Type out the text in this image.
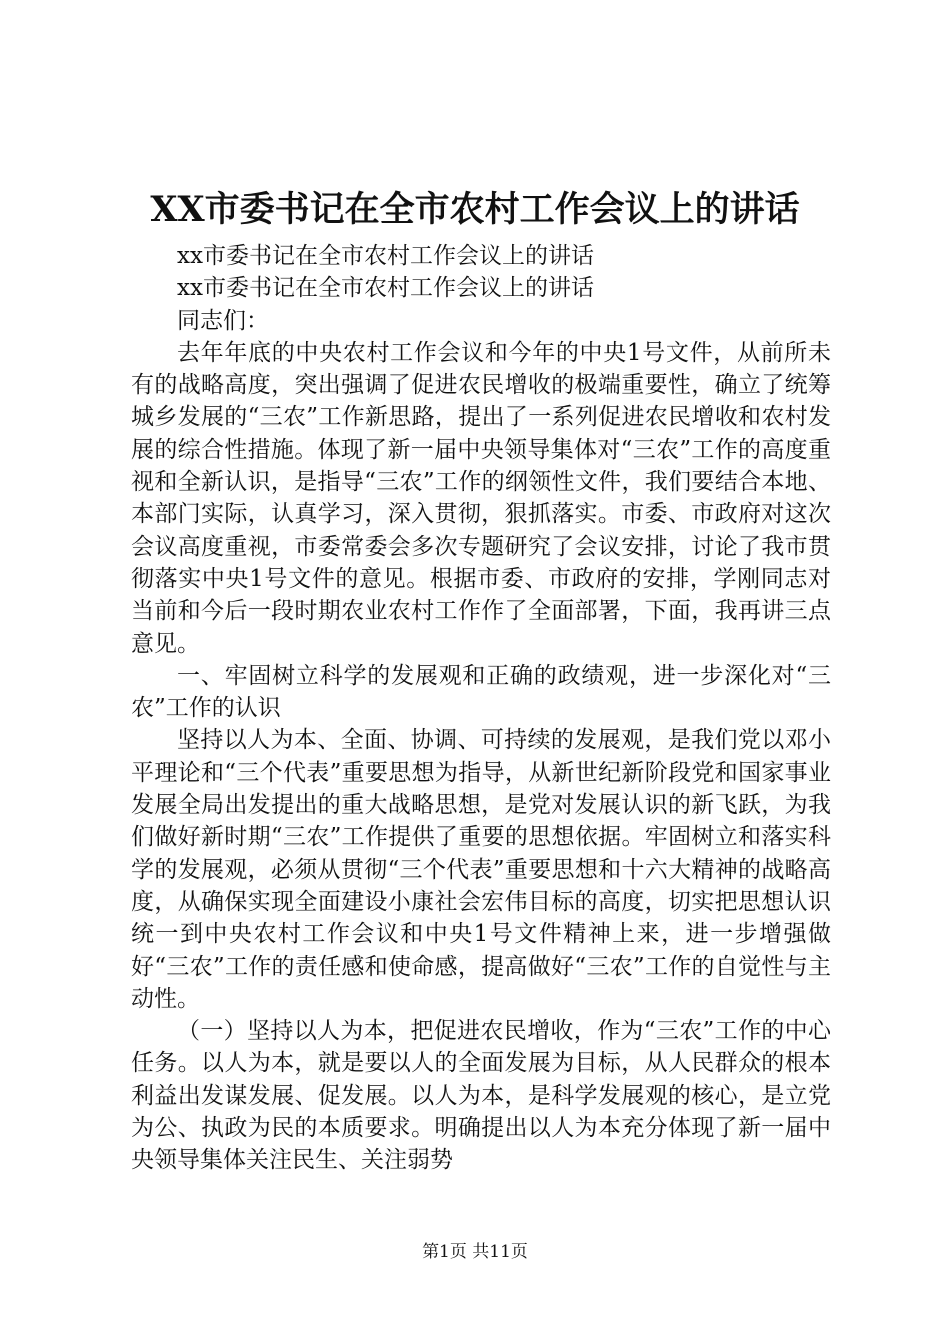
XX市委书记在全市农村工作会议上的讲话
xx市委书记在全市农村工作会议上的讲话
xx市委书记在全市农村工作会议上的讲话
同志们：

去年年底的中央农村工作会议和今年的中央1号文件，从前所未有的战略高度，突出强调了促进农民增收的极端重要性，确立了统筹城乡发展的“三农”工作新思路，提出了一系列促进农民增收和农村发展的综合性措施。体现了新一届中央领导集体对“三农”工作的高度重视和全新认识，是指导“三农”工作的纲领性文件，我们要结合本地、本部门实际，认真学习，深入贯彻，狠抓落实。市委、市政府对这次会议高度重视，市委常委会多次专题研究了会议安排，讨论了我市贯彻落实中央1号文件的意见。根据市委、市政府的安排，学刚同志对当前和今后一段时期农业农村工作作了全面部署，下面，我再讲三点意见。

一、牢固树立科学的发展观和正确的政绩观，进一步深化对“三农”工作的认识

坚持以人为本、全面、协调、可持续的发展观，是我们党以邓小平理论和“三个代表”重要思想为指导，从新世纪新阶段党和国家事业发展全局出发提出的重大战略思想，是党对发展认识的新飞跃，为我们做好新时期“三农”工作提供了重要的思想依据。牢固树立和落实科学的发展观，必须从贯彻“三个代表”重要思想和十六大精神的战略高度，从确保实现全面建设小康社会宏伟目标的高度，切实把思想认识统一到中央农村工作会议和中央1号文件精神上来，进一步增强做好“三农”工作的责任感和使命感，提高做好“三农”工作的自觉性与主动性。

（一）坚持以人为本，把促进农民增收，作为“三农”工作的中心任务。以人为本，就是要以人的全面发展为目标，从人民群众的根本利益出发谋发展、促发展。以人为本，是科学发展观的核心，是立党为公、执政为民的本质要求。明确提出以人为本充分体现了新一届中央领导集体关注民生、关注弱势

第1页 共11页
